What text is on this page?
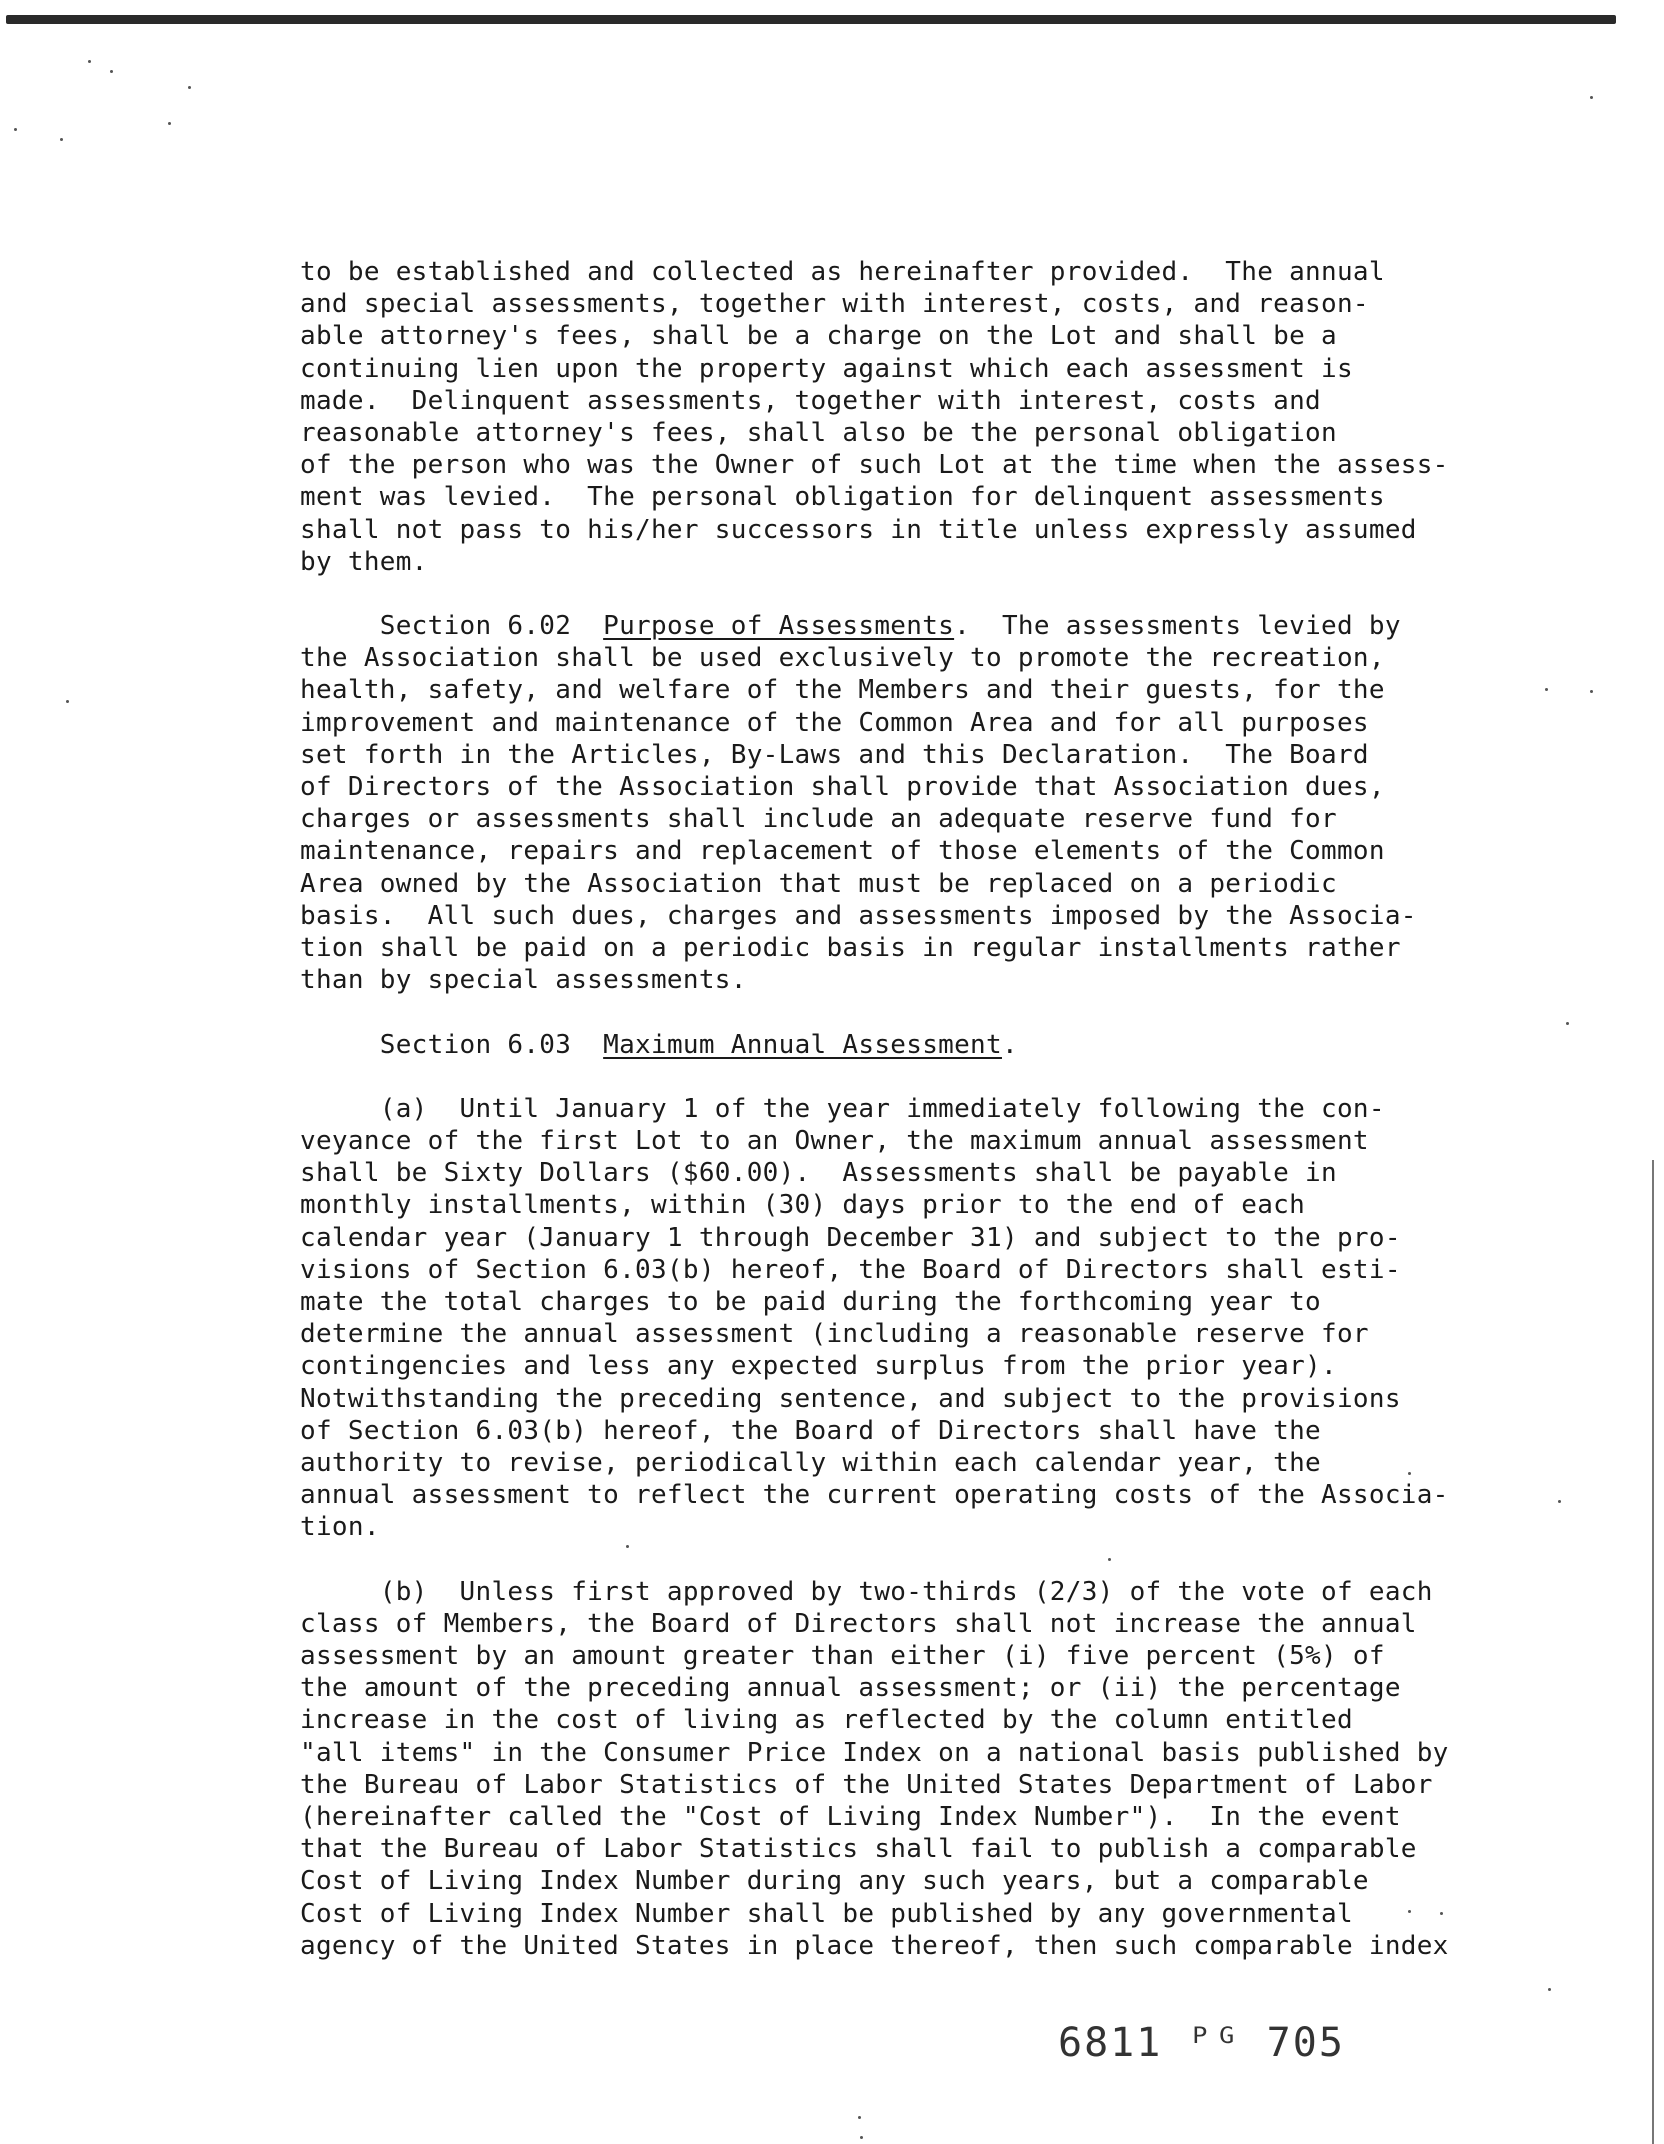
to be established and collected as hereinafter provided.  The annual
and special assessments, together with interest, costs, and reason-
able attorney's fees, shall be a charge on the Lot and shall be a
continuing lien upon the property against which each assessment is
made.  Delinquent assessments, together with interest, costs and
reasonable attorney's fees, shall also be the personal obligation
of the person who was the Owner of such Lot at the time when the assess-
ment was levied.  The personal obligation for delinquent assessments
shall not pass to his/her successors in title unless expressly assumed
by them.
Section 6.02  Purpose of Assessments.  The assessments levied by
the Association shall be used exclusively to promote the recreation,
health, safety, and welfare of the Members and their guests, for the
improvement and maintenance of the Common Area and for all purposes
set forth in the Articles, By-Laws and this Declaration.  The Board
of Directors of the Association shall provide that Association dues,
charges or assessments shall include an adequate reserve fund for
maintenance, repairs and replacement of those elements of the Common
Area owned by the Association that must be replaced on a periodic
basis.  All such dues, charges and assessments imposed by the Associa-
tion shall be paid on a periodic basis in regular installments rather
than by special assessments.
Section 6.03  Maximum Annual Assessment.
(a)  Until January 1 of the year immediately following the con-
veyance of the first Lot to an Owner, the maximum annual assessment
shall be Sixty Dollars ($60.00).  Assessments shall be payable in
monthly installments, within (30) days prior to the end of each
calendar year (January 1 through December 31) and subject to the pro-
visions of Section 6.03(b) hereof, the Board of Directors shall esti-
mate the total charges to be paid during the forthcoming year to
determine the annual assessment (including a reasonable reserve for
contingencies and less any expected surplus from the prior year).
Notwithstanding the preceding sentence, and subject to the provisions
of Section 6.03(b) hereof, the Board of Directors shall have the
authority to revise, periodically within each calendar year, the
annual assessment to reflect the current operating costs of the Associa-
tion.
(b)  Unless first approved by two-thirds (2/3) of the vote of each
class of Members, the Board of Directors shall not increase the annual
assessment by an amount greater than either (i) five percent (5%) of
the amount of the preceding annual assessment; or (ii) the percentage
increase in the cost of living as reflected by the column entitled
"all items" in the Consumer Price Index on a national basis published by
the Bureau of Labor Statistics of the United States Department of Labor
(hereinafter called the "Cost of Living Index Number").  In the event
that the Bureau of Labor Statistics shall fail to publish a comparable
Cost of Living Index Number during any such years, but a comparable
Cost of Living Index Number shall be published by any governmental
agency of the United States in place thereof, then such comparable index
6811 ᴾᴳ 705
